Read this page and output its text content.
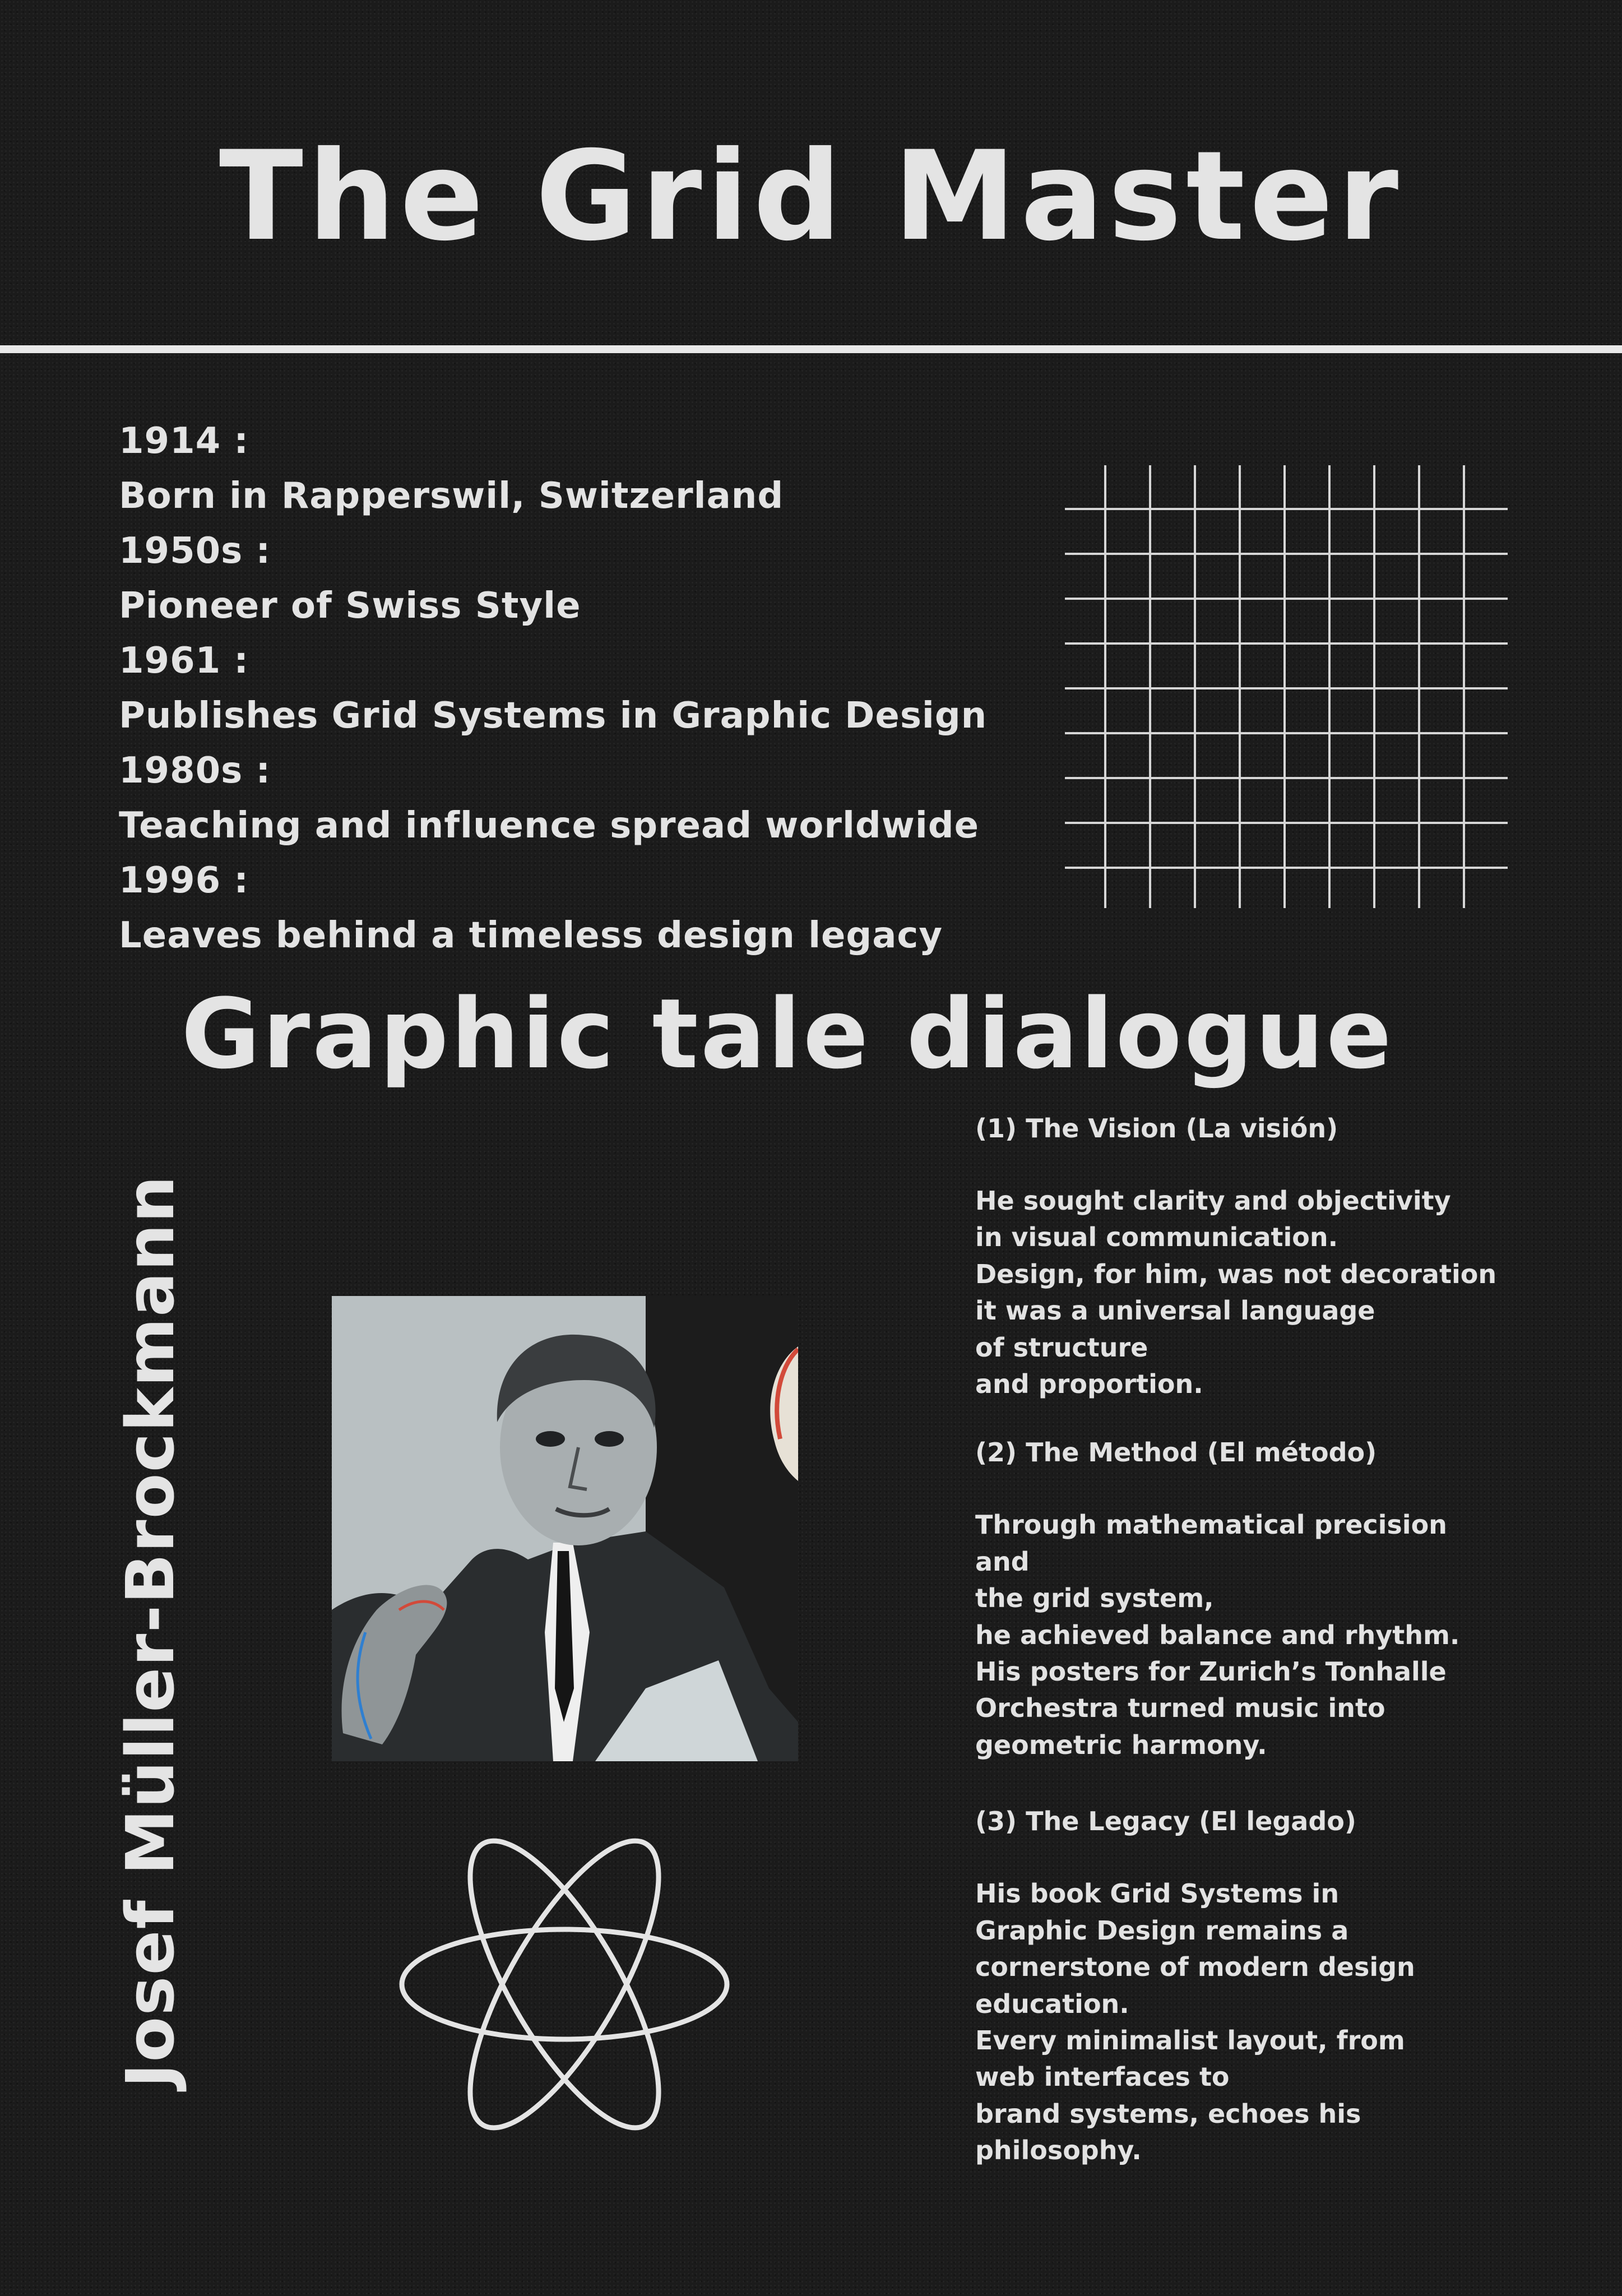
The Grid Master
1914 :
Born in Rapperswil, Switzerland
1950s :
Pioneer of Swiss Style
1961 :
Publishes Grid Systems in Graphic Design
1980s :
Teaching and influence spread worldwide
1996 :
Leaves behind a timeless design legacy
Graphic tale dialogue
Josef Müller-Brockmann
(1) The Vision (La visión)
He sought clarity and objectivity
in visual communication.
Design, for him, was not decoration
it was a universal language
of structure
and proportion.
(2) The Method (El método)
Through mathematical precision
and
the grid system,
he achieved balance and rhythm.
His posters for Zurich’s Tonhalle
Orchestra turned music into
geometric harmony.
(3) The Legacy (El legado)
His book Grid Systems in
Graphic Design remains a
cornerstone of modern design
education.
Every minimalist layout, from
web interfaces to
brand systems, echoes his
philosophy.
